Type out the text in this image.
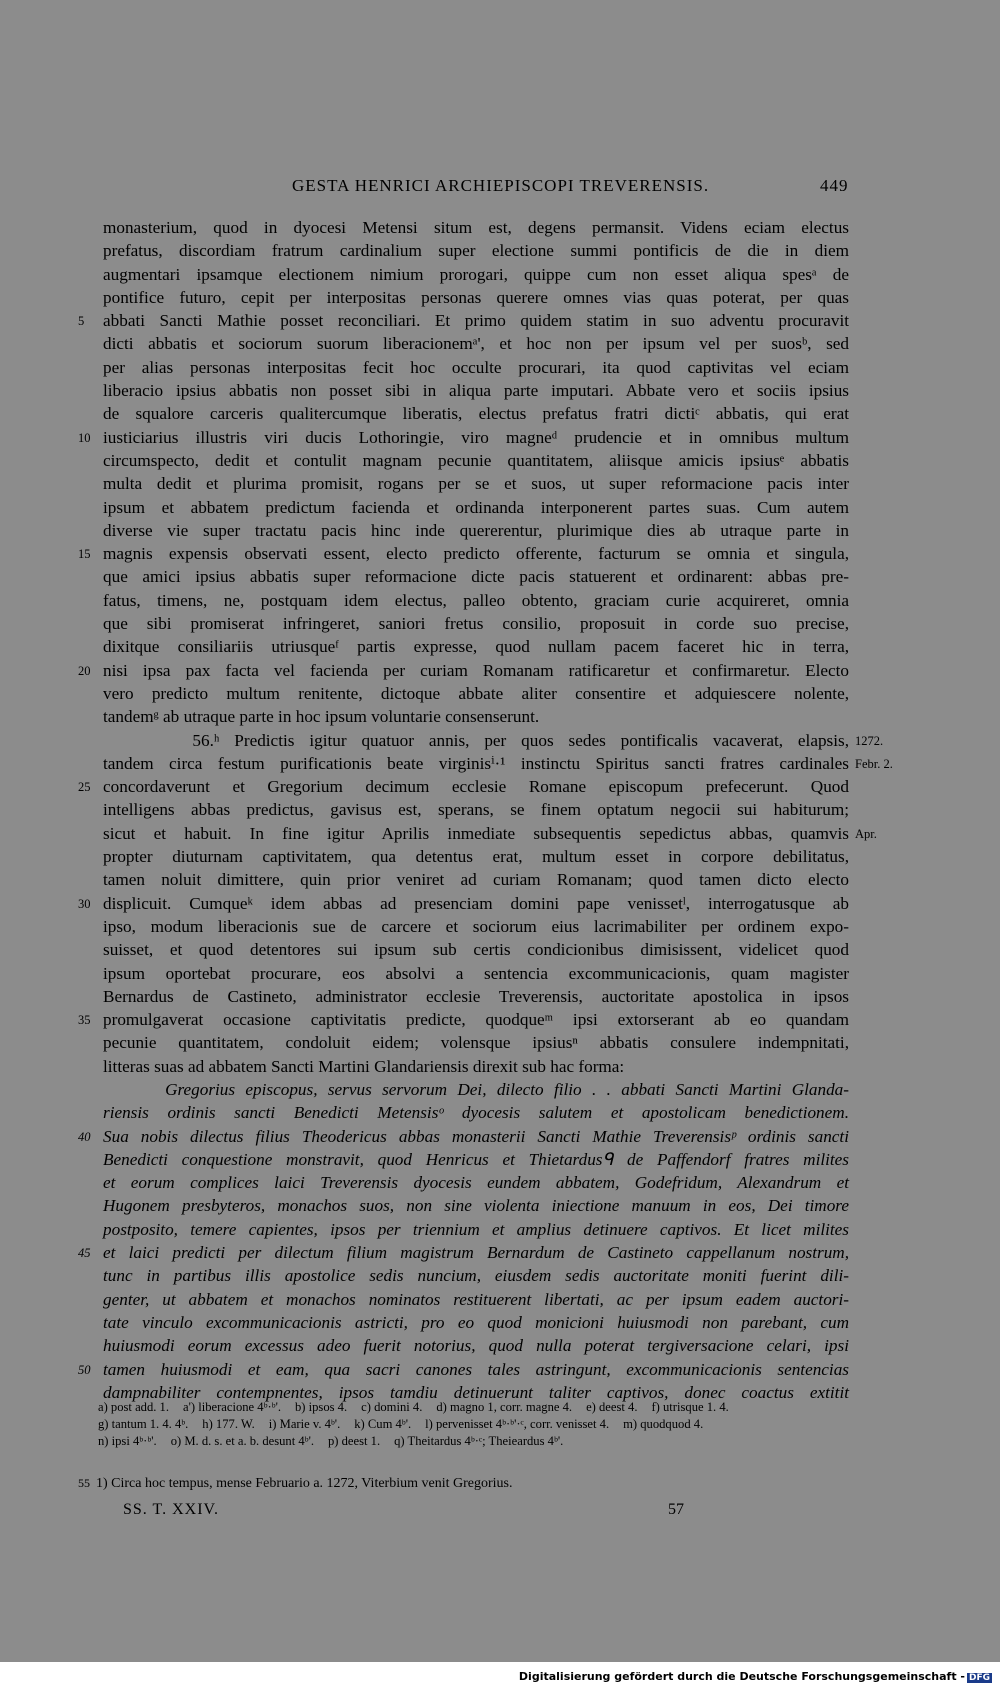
GESTA HENRICI ARCHIEPISCOPI TREVERENSIS.	449
monasterium, quod in dyocesi Metensi situm est, degens permansit. Videns eciam electus
prefatus, discordiam fratrum cardinalium super electione summi pontificis de die in diem
augmentari ipsamque electionem nimium prorogari, quippe cum non esset aliqua spesᵃ de
pontifice futuro, cepit per interpositas personas querere omnes vias quas poterat, per quas
5 abbati Sancti Mathie posset reconciliari. Et primo quidem statim in suo adventu procuravit
dicti abbatis et sociorum suorum liberacionemᵃ', et hoc non per ipsum vel per suosᵇ, sed
per alias personas interpositas fecit hoc occulte procurari, ita quod captivitas vel eciam
liberacio ipsius abbatis non posset sibi in aliqua parte imputari. Abbate vero et sociis ipsius
de squalore carceris qualitercumque liberatis, electus prefatus fratri dictiᶜ abbatis, qui erat
10 iusticiarius illustris viri ducis Lothoringie, viro magneᵈ prudencie et in omnibus multum
circumspecto, dedit et contulit magnam pecunie quantitatem, aliisque amicis ipsiusᵉ abbatis
multa dedit et plurima promisit, rogans per se et suos, ut super reformacione pacis inter
ipsum et abbatem predictum facienda et ordinanda interponerent partes suas. Cum autem
diverse vie super tractatu pacis hinc inde quererentur, plurimique dies ab utraque parte in
15 magnis expensis observati essent, electo predicto offerente, facturum se omnia et singula,
que amici ipsius abbatis super reformacione dicte pacis statuerent et ordinarent: abbas pre-
fatus, timens, ne, postquam idem electus, palleo obtento, graciam curie acquireret, omnia
que sibi promiserat infringeret, saniori fretus consilio, proposuit in corde suo precise,
dixitque consiliariis utriusqueᶠ partis expresse, quod nullam pacem faceret hic in terra,
20 nisi ipsa pax facta vel facienda per curiam Romanam ratificaretur et confirmaretur. Electo
vero predicto multum renitente, dictoque abbate aliter consentire et adquiescere nolente,
tandemᵍ ab utraque parte in hoc ipsum voluntarie consenserunt.
56.ʰ Predictis igitur quatuor annis, per quos sedes pontificalis vacaverat, elapsis, 1272.
tandem circa festum purificationis beate virginisⁱ·¹ instinctu Spiritus sancti fratres cardinales Febr. 2.
25 concordaverunt et Gregorium decimum ecclesie Romane episcopum prefecerunt. Quod
intelligens abbas predictus, gavisus est, sperans, se finem optatum negocii sui habiturum;
sicut et habuit. In fine igitur Aprilis inmediate subsequentis sepedictus abbas, quamvis Apr.
propter diuturnam captivitatem, qua detentus erat, multum esset in corpore debilitatus,
tamen noluit dimittere, quin prior veniret ad curiam Romanam; quod tamen dicto electo
30 displicuit. Cumqueᵏ idem abbas ad presenciam domini pape venissetˡ, interrogatusque ab
ipso, modum liberacionis sue de carcere et sociorum eius lacrimabiliter per ordinem expo-
suisset, et quod detentores sui ipsum sub certis condicionibus dimisissent, videlicet quod
ipsum oportebat procurare, eos absolvi a sentencia excommunicacionis, quam magister
Bernardus de Castineto, administrator ecclesie Treverensis, auctoritate apostolica in ipsos
35 promulgaverat occasione captivitatis predicte, quodqueᵐ ipsi extorserant ab eo quandam
pecunie quantitatem, condoluit eidem; volensque ipsiusⁿ abbatis consulere indempnitati,
litteras suas ad abbatem Sancti Martini Glandariensis direxit sub hac forma:
Gregorius episcopus, servus servorum Dei, dilecto filio . . abbati Sancti Martini Glanda-
riensis ordinis sancti Benedicti Metensisᵒ dyocesis salutem et apostolicam benedictionem.
40 Sua nobis dilectus filius Theodericus abbas monasterii Sancti Mathie Treverensisᵖ ordinis sancti
Benedicti conquestione monstravit, quod Henricus et Thietardusᑫ de Paffendorf fratres milites
et eorum complices laici Treverensis dyocesis eundem abbatem, Godefridum, Alexandrum et
Hugonem presbyteros, monachos suos, non sine violenta iniectione manuum in eos, Dei timore
postposito, temere capientes, ipsos per triennium et amplius detinuere captivos. Et licet milites
45 et laici predicti per dilectum filium magistrum Bernardum de Castineto cappellanum nostrum,
tunc in partibus illis apostolice sedis nuncium, eiusdem sedis auctoritate moniti fuerint dili-
genter, ut abbatem et monachos nominatos restituerent libertati, ac per ipsum eadem auctori-
tate vinculo excommunicacionis astricti, pro eo quod monicioni huiusmodi non parebant, cum
huiusmodi eorum excessus adeo fuerit notorius, quod nulla poterat tergiversacione celari, ipsi
50 tamen huiusmodi et eam, qua sacri canones tales astringunt, excommunicacionis sentencias
dampnabiliter contempnentes, ipsos tamdiu detinuerunt taliter captivos, donec coactus extitit
a) post add. 1. a') liberacione 4ᵇ·ᵇ'. b) ipsos 4. c) domini 4. d) magno 1, corr. magne 4. e) deest 4. f) utrisque 1. 4.
g) tantum 1. 4. 4ᵇ. h) 177. W. i) Marie v. 4ᵇ'. k) Cum 4ᵇ'. l) pervenisset 4ᵇ·ᵇ'·ᶜ, corr. venisset 4. m) quodquod 4.
n) ipsi 4ᵇ·ᵇ'. o) M. d. s. et a. b. desunt 4ᵇ'. p) deest 1. q) Theitardus 4ᵇ·ᶜ; Theieardus 4ᵇ'.
55 1) Circa hoc tempus, mense Februario a. 1272, Viterbium venit Gregorius.
SS. T. XXIV.	57
Digitalisierung gefördert durch die Deutsche Forschungsgemeinschaft - DFG
